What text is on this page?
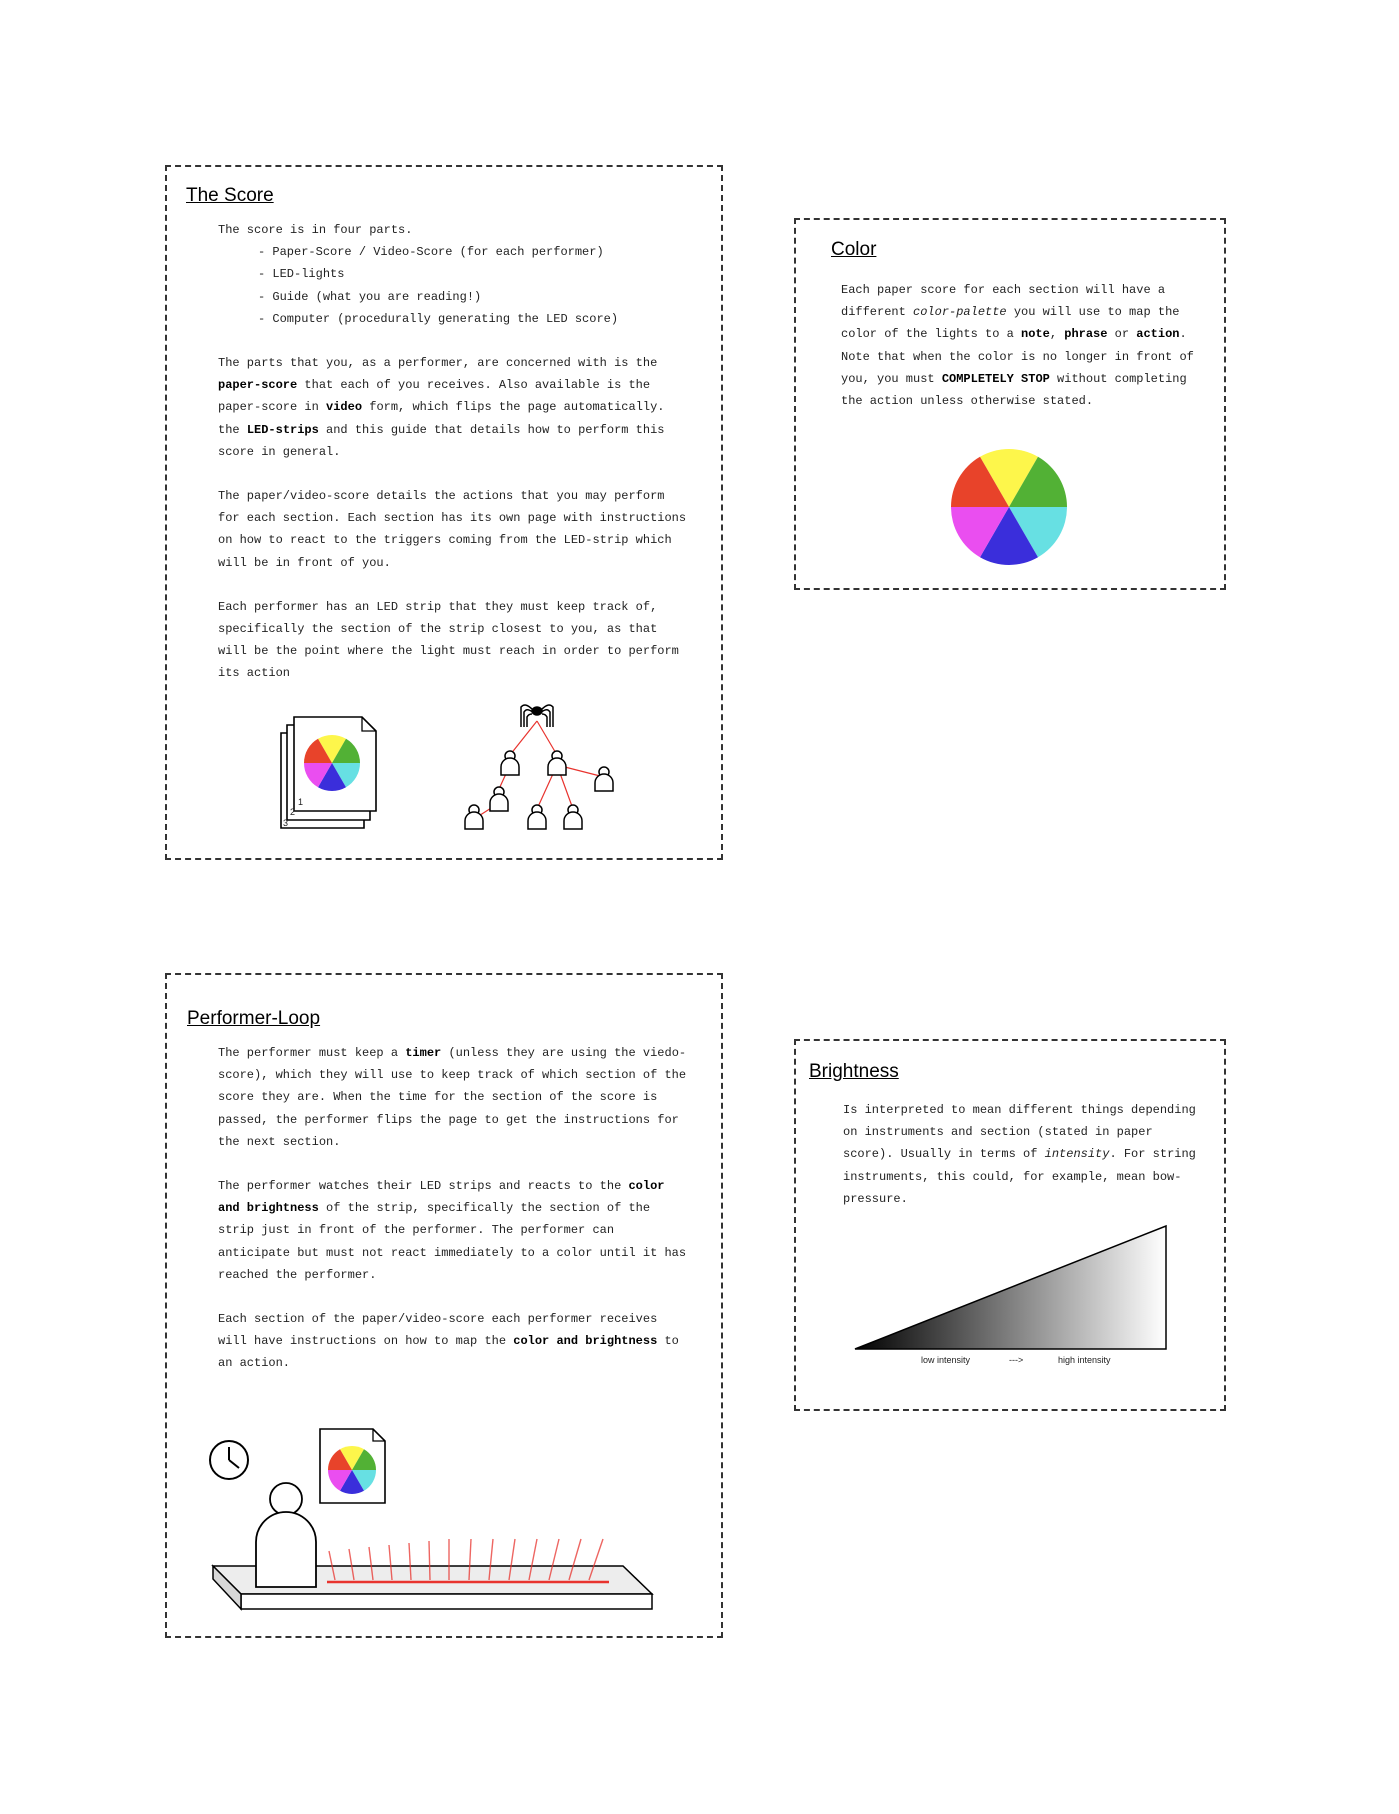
The Score
The score is in four parts.
- Paper-Score / Video-Score (for each performer)
- LED-lights
- Guide (what you are reading!)
- Computer (procedurally generating the LED score)

The parts that you, as a performer, are concerned with is the paper-score that each of you receives. Also available is the paper-score in video form, which flips the page automatically. the LED-strips and this guide that details how to perform this score in general.

The paper/video-score details the actions that you may perform for each section. Each section has its own page with instructions on how to react to the triggers coming from the LED-strip which will be in front of you.

Each performer has an LED strip that they must keep track of, specifically the section of the strip closest to you, as that will be the point where the light must reach in order to perform its action

1
2
3
Color
Each paper score for each section will have a different color-palette you will use to map the color of the lights to a note, phrase or action. Note that when the color is no longer in front of you, you must COMPLETELY STOP without completing the action unless otherwise stated.
Performer-Loop

The performer must keep a timer (unless they are using the viedo-score), which they will use to keep track of which section of the score they are. When the time for the section of the score is passed, the performer flips the page to get the instructions for the next section.

The performer watches their LED strips and reacts to the color and brightness of the strip, specifically the section of the strip just in front of the performer. The performer can anticipate but must not react immediately to a color until it has reached the performer.

Each section of the paper/video-score each performer receives will have instructions on how to map the color and brightness to an action.

Brightness
Is interpreted to mean different things depending on instruments and section (stated in paper score). Usually in terms of intensity. For string instruments, this could, for example, mean bow-pressure.
low intensity	--->	high intensity
